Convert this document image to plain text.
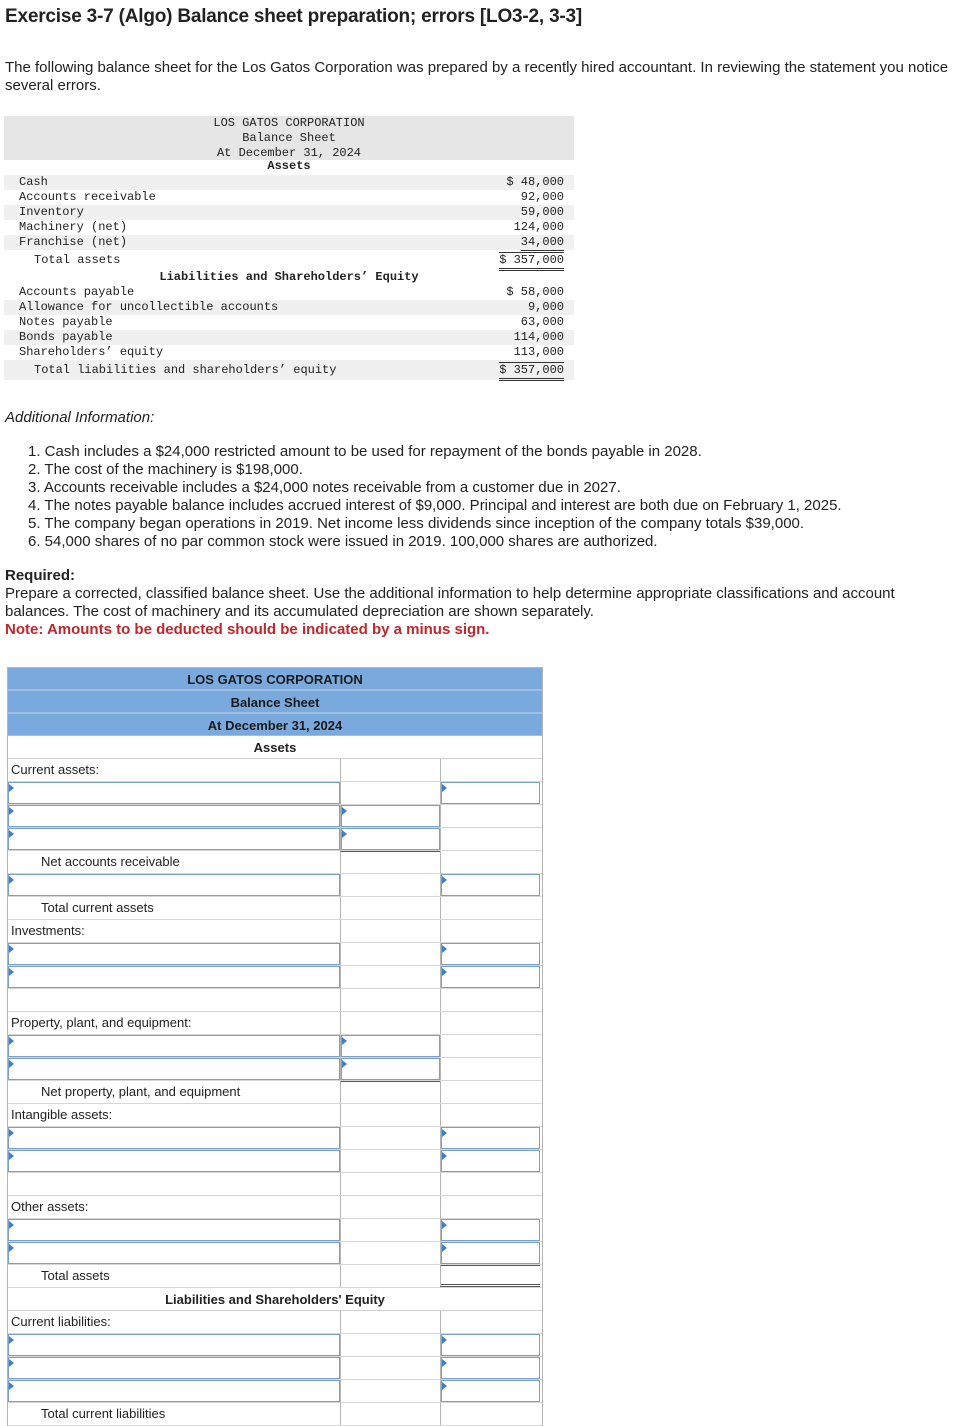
Exercise 3-7 (Algo) Balance sheet preparation; errors [LO3-2, 3-3]

The following balance sheet for the Los Gatos Corporation was prepared by a recently hired accountant. In reviewing the statement you notice several errors.

LOS GATOS CORPORATION
Balance Sheet
At December 31, 2024
Assets
Cash	$ 48,000
Accounts receivable	92,000
Inventory	59,000
Machinery (net)	124,000
Franchise (net)	34,000
Total assets	$ 357,000
Liabilities and Shareholders’ Equity
Accounts payable	$ 58,000
Allowance for uncollectible accounts	9,000
Notes payable	63,000
Bonds payable	114,000
Shareholders’ equity	113,000
Total liabilities and shareholders’ equity	$ 357,000

Additional Information:

1. Cash includes a $24,000 restricted amount to be used for repayment of the bonds payable in 2028.
2. The cost of the machinery is $198,000.
3. Accounts receivable includes a $24,000 notes receivable from a customer due in 2027.
4. The notes payable balance includes accrued interest of $9,000. Principal and interest are both due on February 1, 2025.
5. The company began operations in 2019. Net income less dividends since inception of the company totals $39,000.
6. 54,000 shares of no par common stock were issued in 2019. 100,000 shares are authorized.

Required:

Prepare a corrected, classified balance sheet. Use the additional information to help determine appropriate classifications and account balances. The cost of machinery and its accumulated depreciation are shown separately.

Note: Amounts to be deducted should be indicated by a minus sign.

LOS GATOS CORPORATION
Balance Sheet
At December 31, 2024
Assets
Current assets:
Net accounts receivable
Total current assets
Investments:
Property, plant, and equipment:
Net property, plant, and equipment
Intangible assets:
Other assets:
Total assets
Liabilities and Shareholders' Equity
Current liabilities:
Total current liabilities
